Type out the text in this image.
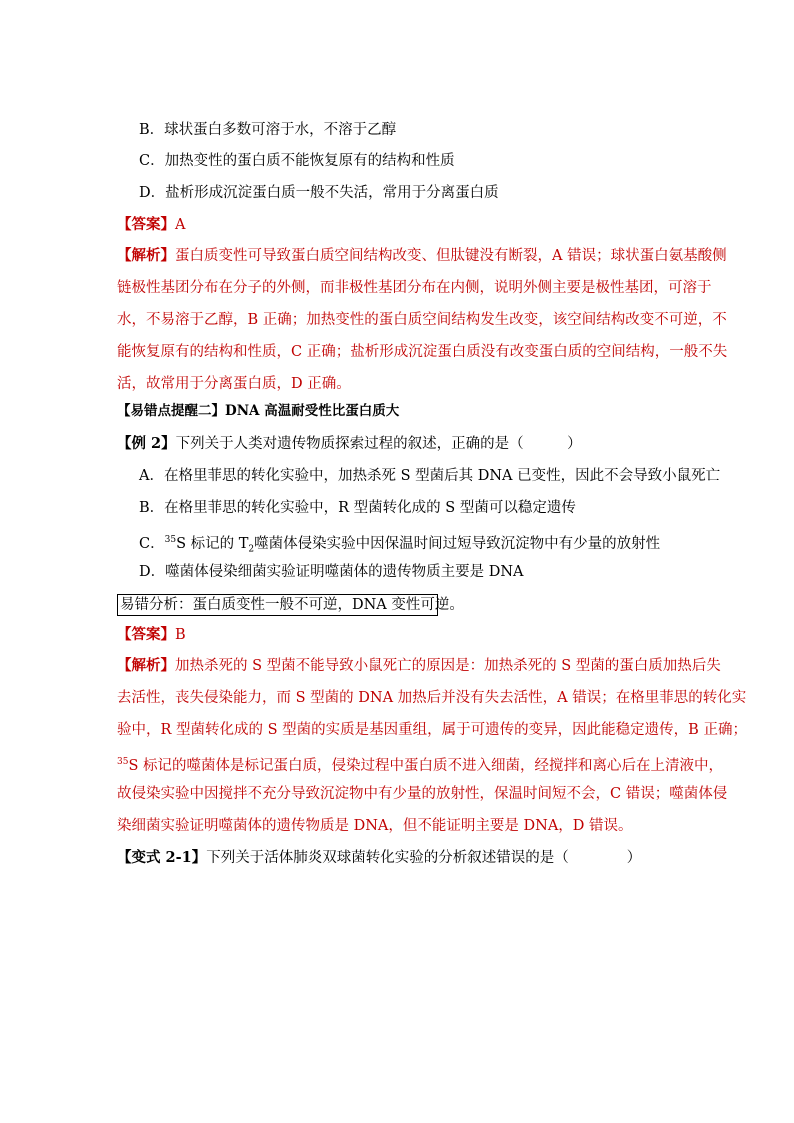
B．球状蛋白多数可溶于水，不溶于乙醇
C．加热变性的蛋白质不能恢复原有的结构和性质
D．盐析形成沉淀蛋白质一般不失活，常用于分离蛋白质
【答案】A
【解析】蛋白质变性可导致蛋白质空间结构改变、但肽键没有断裂，A 错误；球状蛋白氨基酸侧
链极性基团分布在分子的外侧，而非极性基团分布在内侧，说明外侧主要是极性基团，可溶于
水，不易溶于乙醇，B 正确；加热变性的蛋白质空间结构发生改变，该空间结构改变不可逆，不
能恢复原有的结构和性质，C 正确；盐析形成沉淀蛋白质没有改变蛋白质的空间结构，一般不失
活，故常用于分离蛋白质，D 正确。
【易错点提醒二】DNA 高温耐受性比蛋白质大
【例 2】下列关于人类对遗传物质探索过程的叙述，正确的是（　　　）
A．在格里菲思的转化实验中，加热杀死 S 型菌后其 DNA 已变性，因此不会导致小鼠死亡
B．在格里菲思的转化实验中，R 型菌转化成的 S 型菌可以稳定遗传
C．$^{35}$S 标记的 $T_2$噬菌体侵染实验中因保温时间过短导致沉淀物中有少量的放射性
D．噬菌体侵染细菌实验证明噬菌体的遗传物质主要是 DNA
易错分析：蛋白质变性一般不可逆，DNA 变性可逆。
【答案】B
【解析】加热杀死的 S 型菌不能导致小鼠死亡的原因是：加热杀死的 S 型菌的蛋白质加热后失
去活性，丧失侵染能力，而 S 型菌的 DNA 加热后并没有失去活性，A 错误；在格里菲思的转化实
验中，R 型菌转化成的 S 型菌的实质是基因重组，属于可遗传的变异，因此能稳定遗传，B 正确；
$^{35}$S 标记的噬菌体是标记蛋白质，侵染过程中蛋白质不进入细菌，经搅拌和离心后在上清液中，
故侵染实验中因搅拌不充分导致沉淀物中有少量的放射性，保温时间短不会，C 错误；噬菌体侵
染细菌实验证明噬菌体的遗传物质是 DNA，但不能证明主要是 DNA，D 错误。
【变式 2-1】下列关于活体肺炎双球菌转化实验的分析叙述错误的是（　　　　）
